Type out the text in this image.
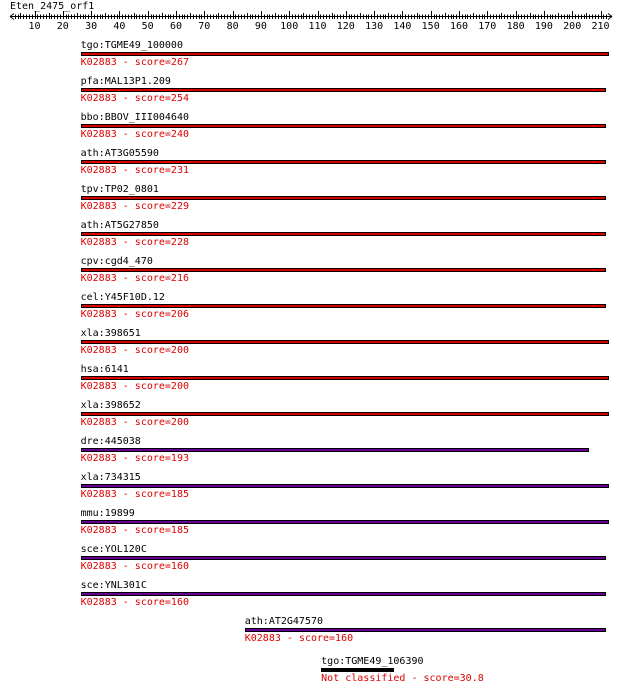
Eten_2475_orf1
10 20 30 40 50 60 70 80 90 100 110 120 130 140 150 160 170 180 190 200 210
tgo:TGME49_100000
K02883 - score=267
pfa:MAL13P1.209
K02883 - score=254
bbo:BBOV_III004640
K02883 - score=240
ath:AT3G05590
K02883 - score=231
tpv:TP02_0801
K02883 - score=229
ath:AT5G27850
K02883 - score=228
cpv:cgd4_470
K02883 - score=216
cel:Y45F10D.12
K02883 - score=206
xla:398651
K02883 - score=200
hsa:6141
K02883 - score=200
xla:398652
K02883 - score=200
dre:445038
K02883 - score=193
xla:734315
K02883 - score=185
mmu:19899
K02883 - score=185
sce:YOL120C
K02883 - score=160
sce:YNL301C
K02883 - score=160
ath:AT2G47570
K02883 - score=160
tgo:TGME49_106390
Not classified - score=30.8
